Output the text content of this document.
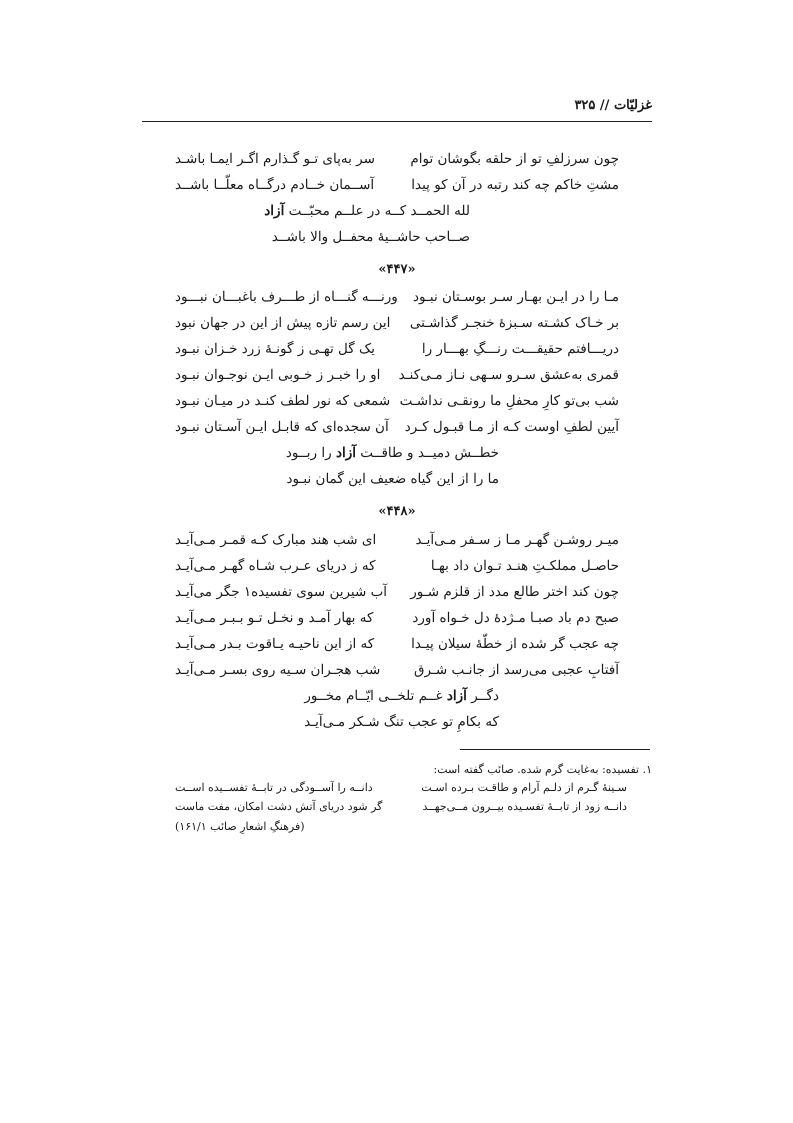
غزلیّات // ۳۲۵
چون سرزلفِ تو از حلقه بگوشان توام
سر به‌پای تـو گـذارم اگـر ایمـا باشـد
مشتِ خاکم چه کند رتبه در آن کو پیدا
آســمان خــادم درگــاه معلّــا باشــد
لله الحمــد کــه در علــم محبّــت آزاد
صــاحب حاشــیهٔ محفــل والا باشــد
«۴۴۷»
مـا را در ایـن بهـار سـر بوسـتان نبـود
ورنـــه گنـــاه از طـــرف باغبـــان نبـــود
بر خـاک کشـته سـبزهٔ خنجـر گذاشـتی
این رسم تازه پیش از این در جهان نبود
دریـــافتم حقیقـــت رنـــگِ بهـــار را
یک گل تهـی ز گونـهٔ زرد خـزان نبـود
قمری به‌عشق سـرو سـهی نـاز مـی‌کنـد
او را خبـر ز خـوبی ایـن نوجـوان نبـود
شب بی‌تو کارِ محفلِ ما رونقـی نداشـت
شمعی که نور لطف کنـد در میـان نبـود
آیین لطفِ اوست کـه از مـا قبـول کـرد
آن سجده‌ای که قابـل ایـن آسـتان نبـود
خطــش دمیــد و طاقــت آزاد را ربــود
ما را از این گیاه ضعیف این گمان نبـود
«۴۴۸»
میـر روشـن گهـر مـا ز سـفر مـی‌آیـد
ای شب هند مبارک کـه قمـر مـی‌آیـد
حاصـل مملکـتِ هنـد تـوان داد بهـا
که ز دریای عـرب شـاه گهـر مـی‌آیـد
چون کند اختر طالع مدد از قلزم شـور
آب شیرین سوی تفسیده۱ جگر می‌آیـد
صبح دم باد صبـا مـژدهٔ دل خـواه آورد
که بهار آمـد و نخـل تـو بـبـر مـی‌آیـد
چه عجب گر شده از خطّهٔ سیلان پیـدا
که از این ناحیـه یـاقوت بـدر مـی‌آیـد
آفتابِ عجبی می‌رسد از جانـب شـرق
شب هجـران سـیه روی بسـر مـی‌آیـد
دگــر آزاد غــم تلخــی ایّــام مخــور
که بکامِ تو عجب تنگ شـکر مـی‌آیـد
۱. تفسیده: به‌غایت گرم شده. صائب گفته است:
سـینهٔ گـرم از دلـم آرام و طاقـت بـرده اسـت
دانــه را آســودگی در تابــهٔ تفســیده اســت
دانــه زود از تابــهٔ تفسـیده بیــرون مــی‌جهــد
گر شود دریای آتش دشت امکان، مفت ماست
(فرهنگِ اشعارِ صائب ۱۶۱/۱)
